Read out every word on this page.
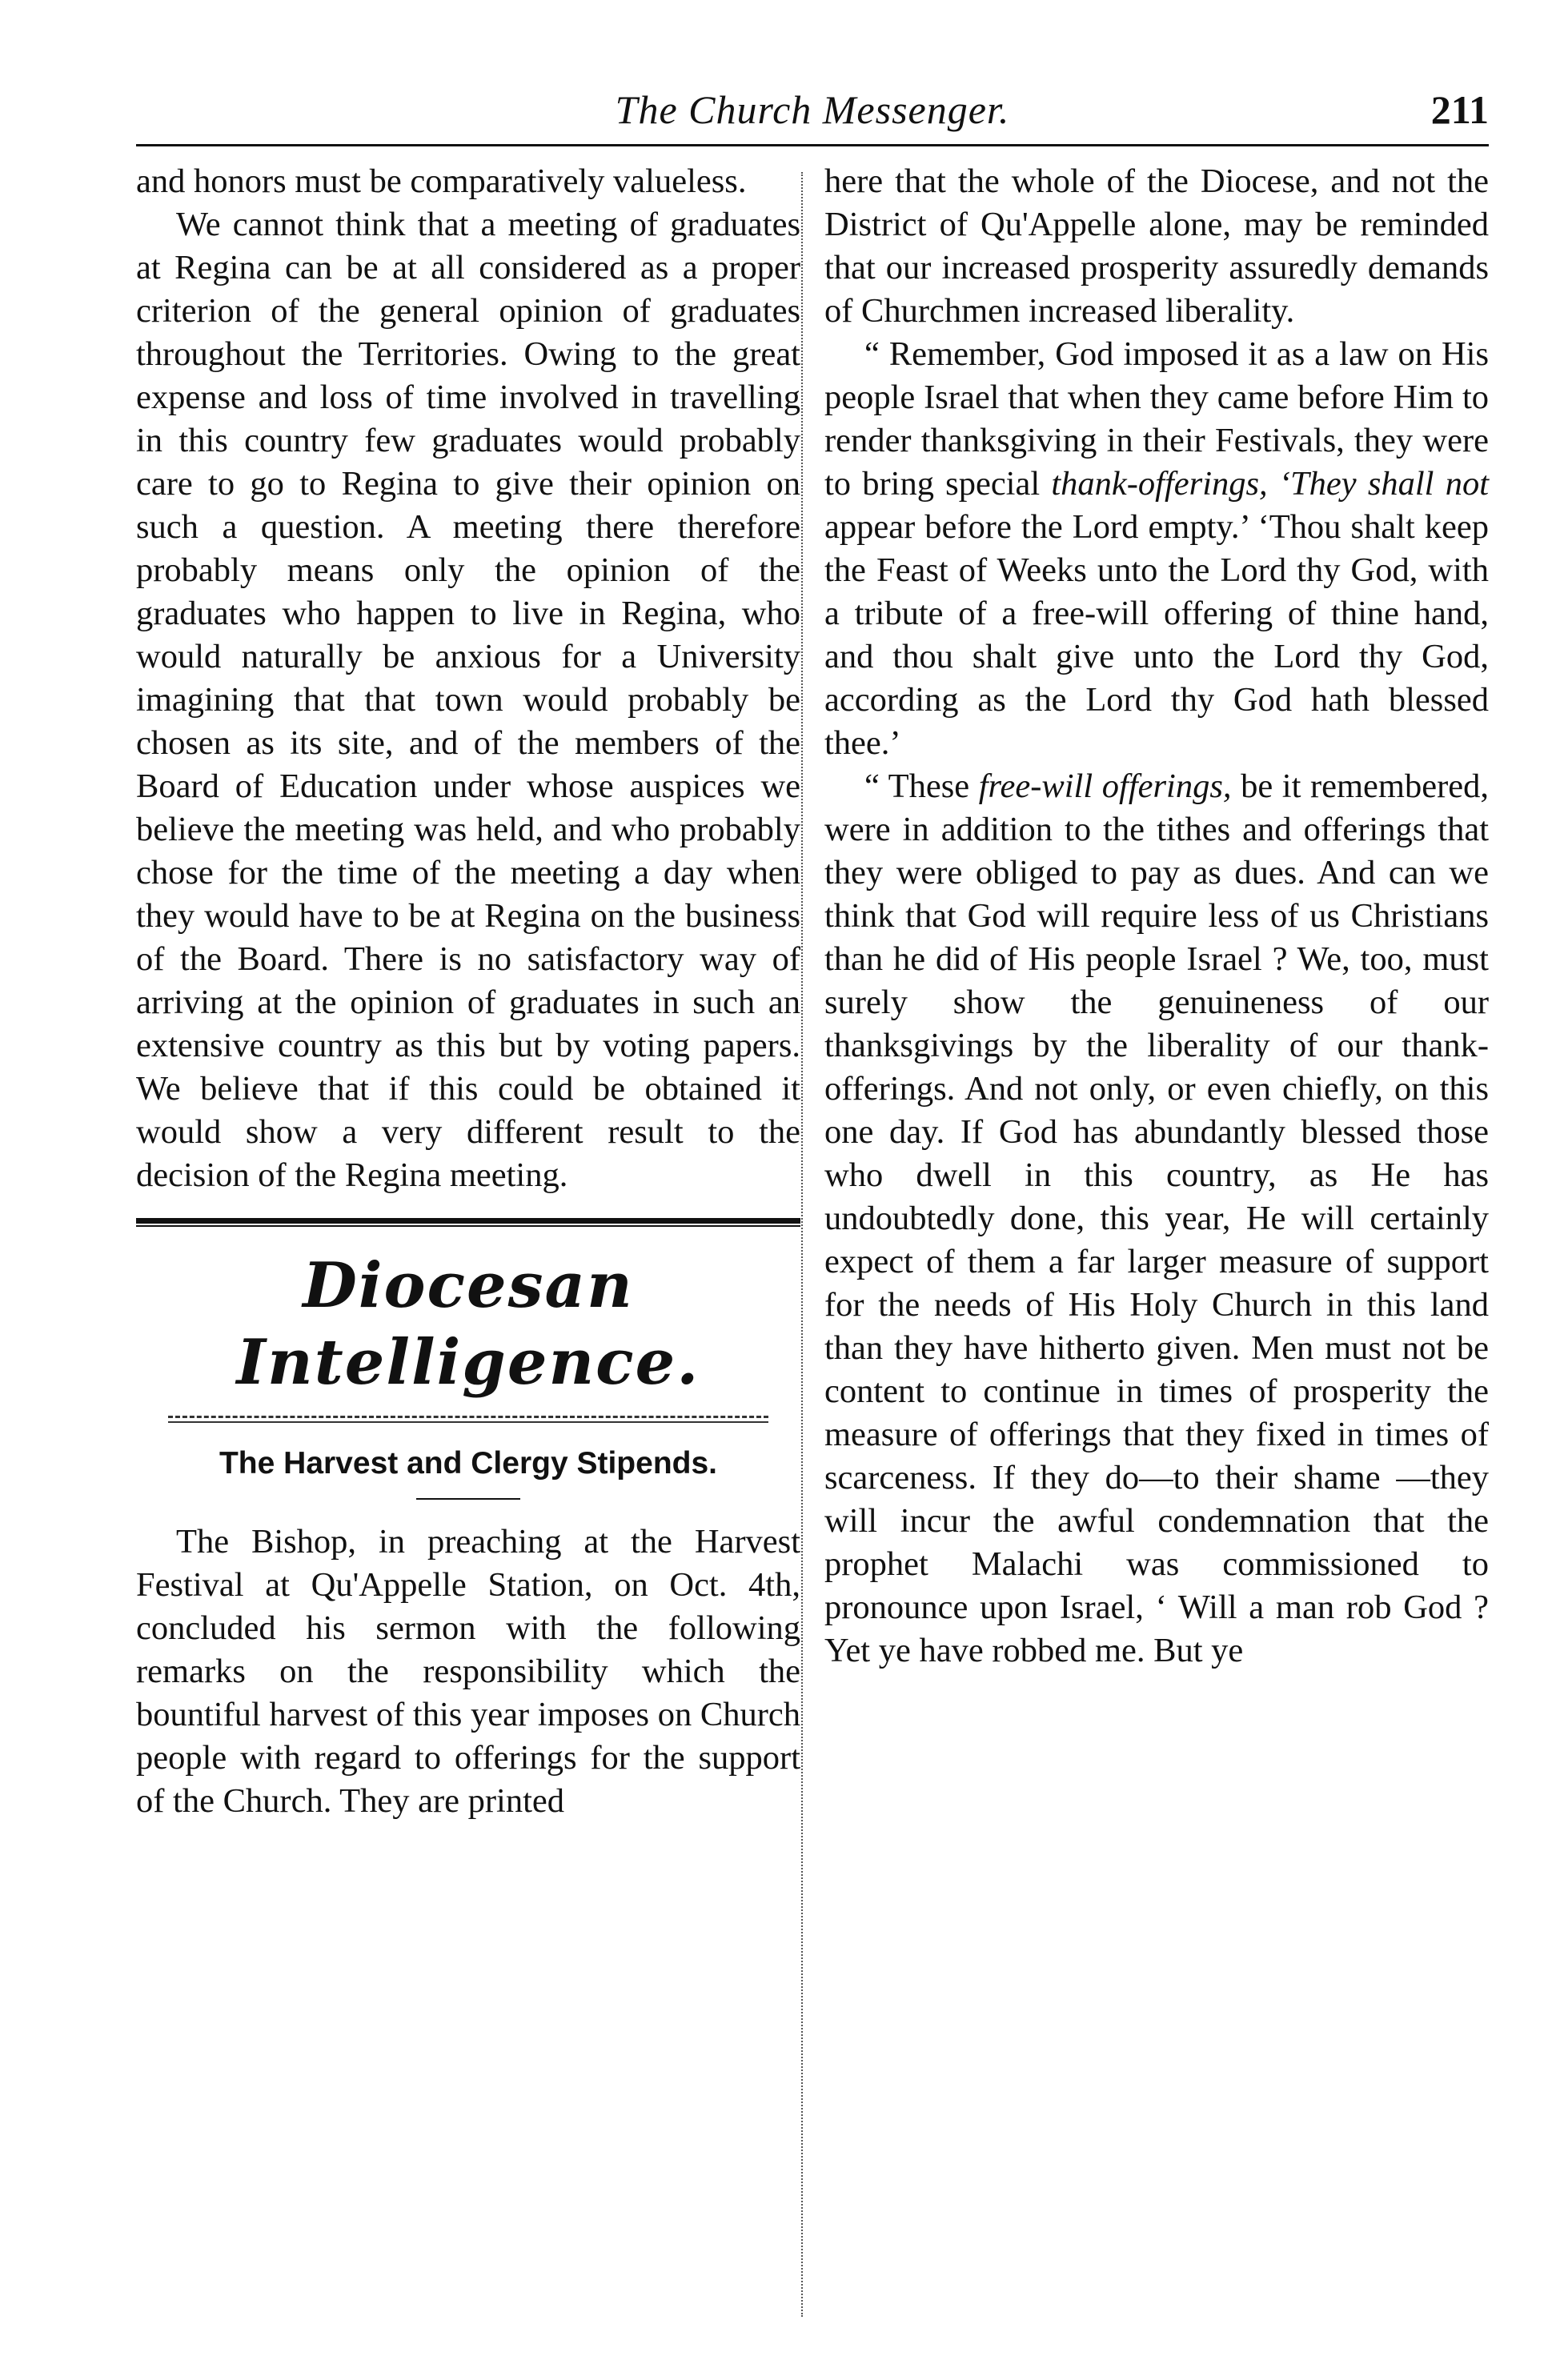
The Church Messenger.	211

and honors must be comparatively valueless.

We cannot think that a meeting of graduates at Regina can be at all considered as a proper criterion of the general opinion of graduates throughout the Territories. Owing to the great expense and loss of time involved in travelling in this country few graduates would probably care to go to Regina to give their opinion on such a question. A meeting there therefore probably means only the opinion of the graduates who happen to live in Regina, who would naturally be anxious for a University imagining that that town would probably be chosen as its site, and of the members of the Board of Education under whose auspices we believe the meeting was held, and who probably chose for the time of the meeting a day when they would have to be at Regina on the business of the Board. There is no satisfactory way of arriving at the opinion of graduates in such an extensive country as this but by voting papers. We believe that if this could be obtained it would show a very different result to the decision of the Regina meeting.

Diocesan Intelligence.
The Harvest and Clergy Stipends.

The Bishop, in preaching at the Harvest Festival at Qu'Appelle Station, on Oct. 4th, concluded his sermon with the following remarks on the responsibility which the bountiful harvest of this year imposes on Church people with regard to offerings for the support of the Church. They are printed

here that the whole of the Diocese, and not the District of Qu'Appelle alone, may be reminded that our increased prosperity assuredly demands of Churchmen increased liberality.

“ Remember, God imposed it as a law on His people Israel that when they came before Him to render thanksgiving in their Festivals, they were to bring special thank-offerings, ‘They shall not appear before the Lord empty.’ ‘Thou shalt keep the Feast of Weeks unto the Lord thy God, with a tribute of a free-will offering of thine hand, and thou shalt give unto the Lord thy God, according as the Lord thy God hath blessed thee.’

“ These free-will offerings, be it remembered, were in addition to the tithes and offerings that they were obliged to pay as dues. And can we think that God will require less of us Christians than he did of His people Israel ? We, too, must surely show the genuineness of our thanksgivings by the liberality of our thank-offerings. And not only, or even chiefly, on this one day. If God has abundantly blessed those who dwell in this country, as He has undoubtedly done, this year, He will certainly expect of them a far larger measure of support for the needs of His Holy Church in this land than they have hitherto given. Men must not be content to continue in times of prosperity the measure of offerings that they fixed in times of scarceness. If they do—to their shame —they will incur the awful condemnation that the prophet Malachi was commissioned to pronounce upon Israel, ‘ Will a man rob God ? Yet ye have robbed me. But ye
